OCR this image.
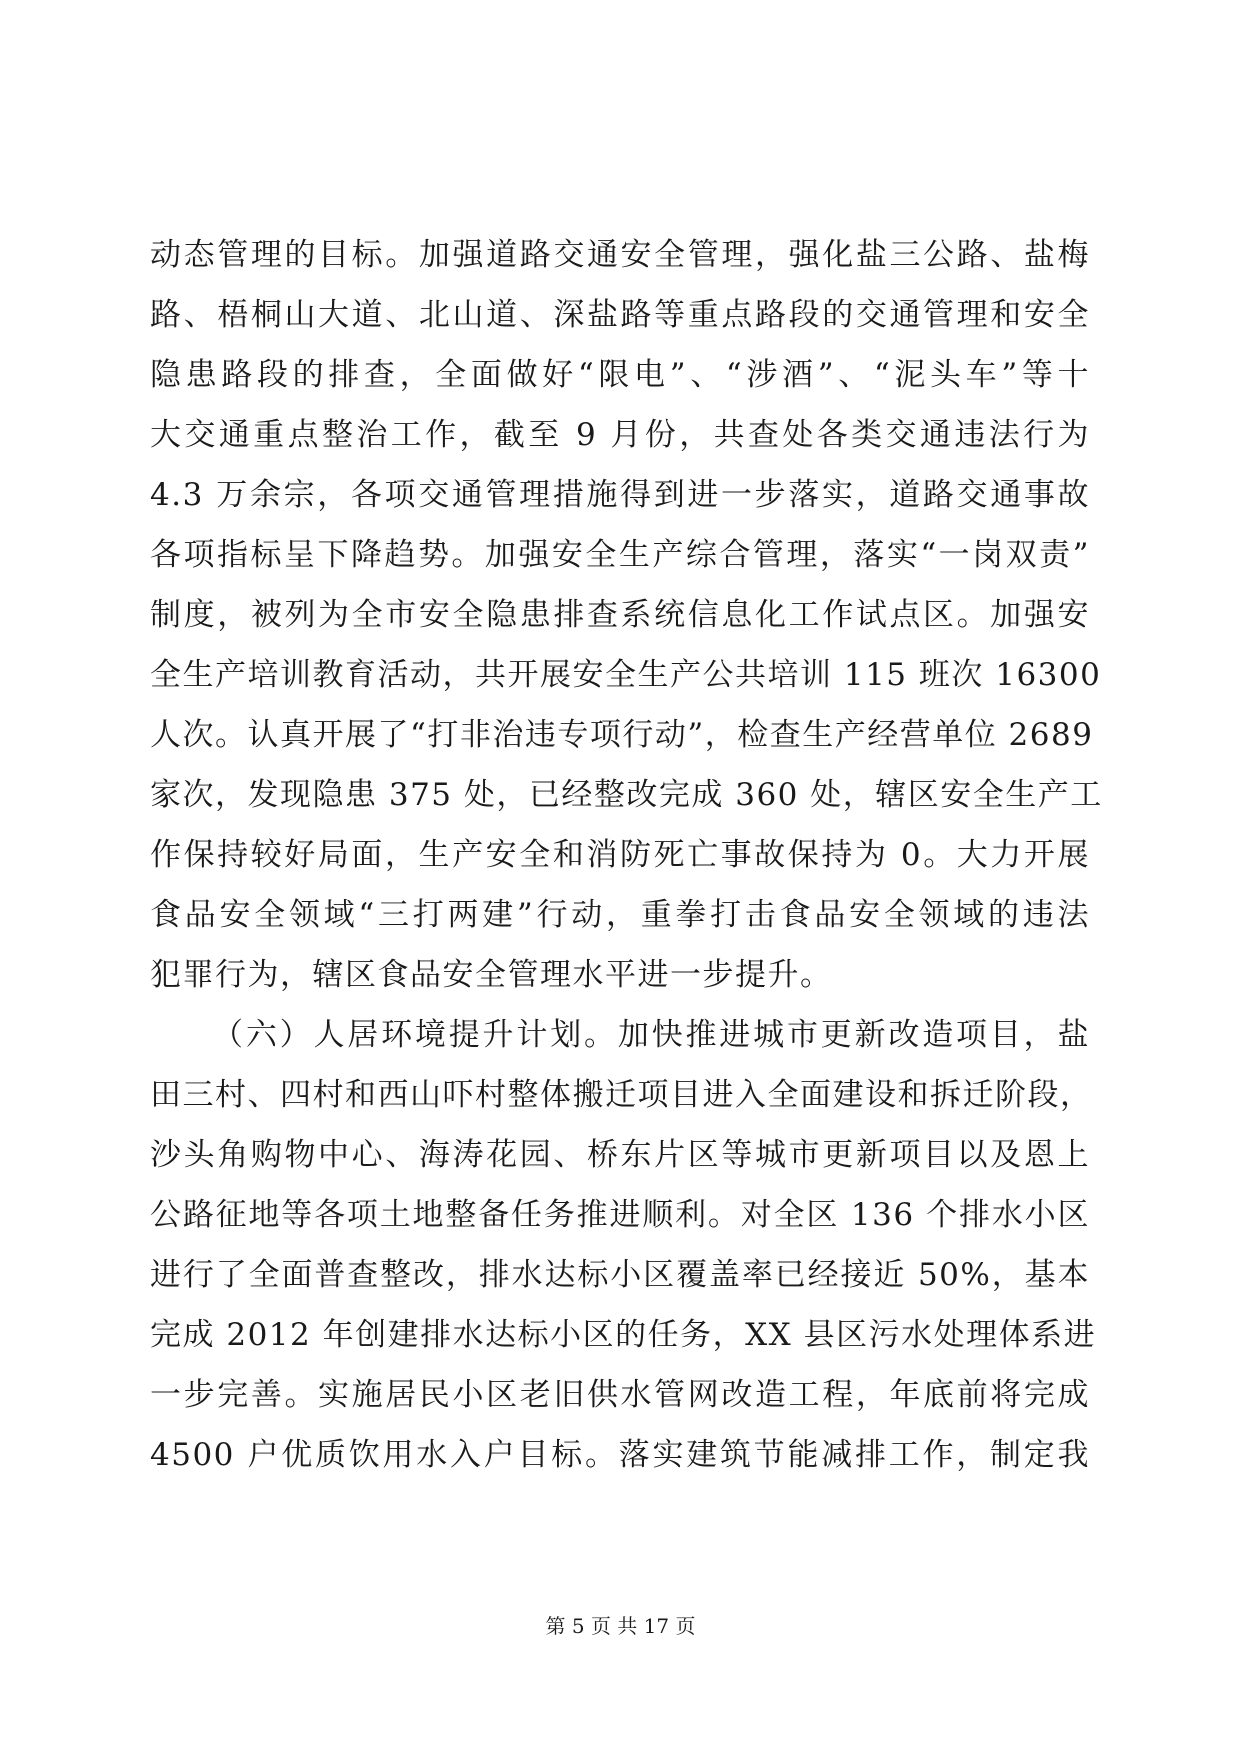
动态管理的目标。加强道路交通安全管理，强化盐三公路、盐梅
路、梧桐山大道、北山道、深盐路等重点路段的交通管理和安全
隐患路段的排查，全面做好“限电”、“涉酒”、“泥头车”等十
大交通重点整治工作，截至 9 月份，共查处各类交通违法行为
4.3 万余宗，各项交通管理措施得到进一步落实，道路交通事故
各项指标呈下降趋势。加强安全生产综合管理，落实“一岗双责”
制度，被列为全市安全隐患排查系统信息化工作试点区。加强安
全生产培训教育活动，共开展安全生产公共培训 115 班次 16300
人次。认真开展了“打非治违专项行动”，检查生产经营单位 2689
家次，发现隐患 375 处，已经整改完成 360 处，辖区安全生产工
作保持较好局面，生产安全和消防死亡事故保持为 0。大力开展
食品安全领域“三打两建”行动，重拳打击食品安全领域的违法
犯罪行为，辖区食品安全管理水平进一步提升。
（六）人居环境提升计划。加快推进城市更新改造项目，盐
田三村、四村和西山吓村整体搬迁项目进入全面建设和拆迁阶段，
沙头角购物中心、海涛花园、桥东片区等城市更新项目以及恩上
公路征地等各项土地整备任务推进顺利。对全区 136 个排水小区
进行了全面普查整改，排水达标小区覆盖率已经接近 50%，基本
完成 2012 年创建排水达标小区的任务，XX 县区污水处理体系进
一步完善。实施居民小区老旧供水管网改造工程，年底前将完成
4500 户优质饮用水入户目标。落实建筑节能减排工作，制定我
第 5 页 共 17 页
